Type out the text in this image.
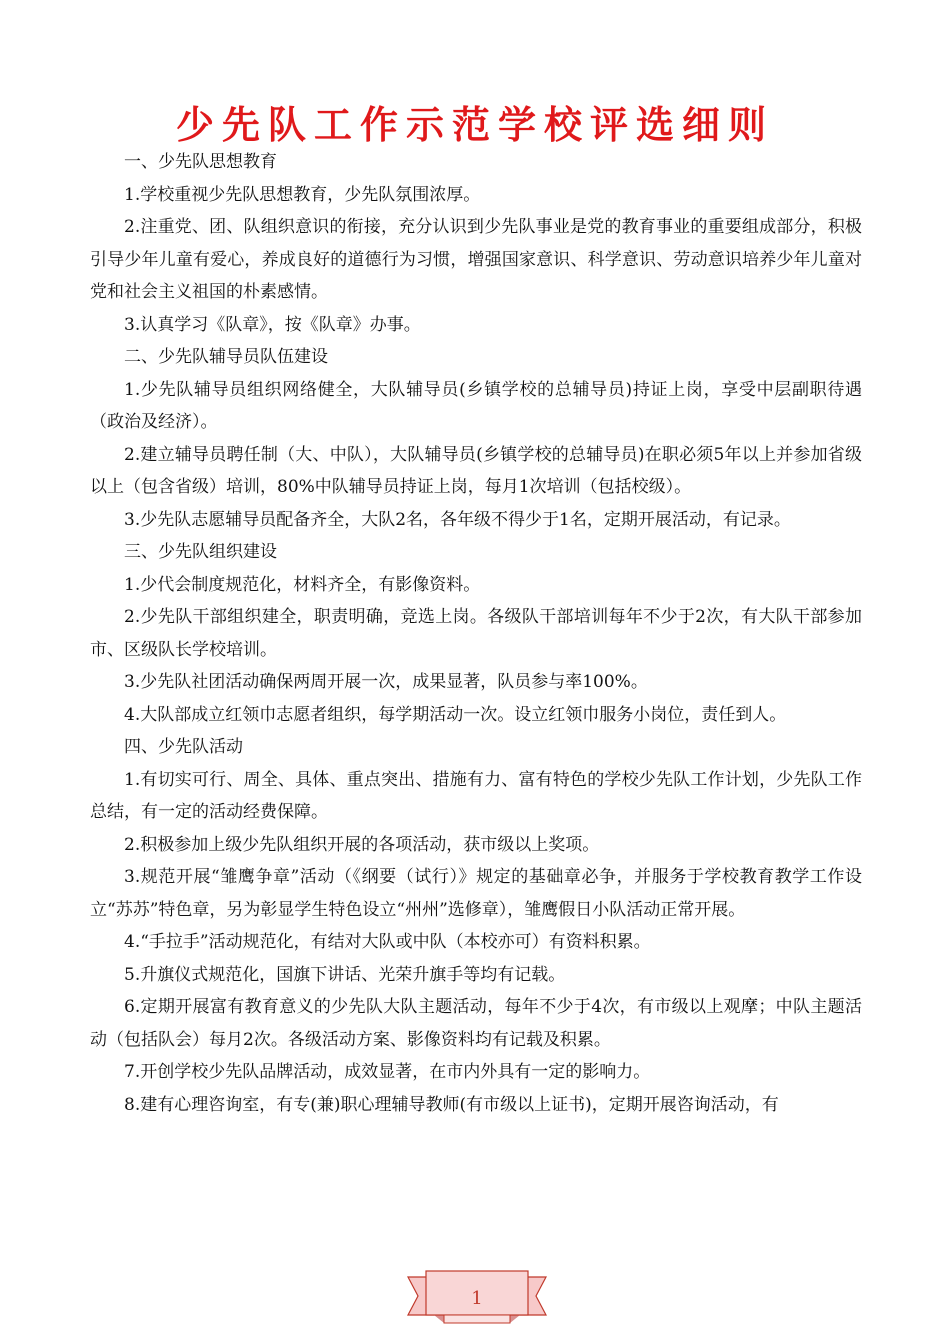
少先队工作示范学校评选细则

一、少先队思想教育

1.学校重视少先队思想教育，少先队氛围浓厚。

2.注重党、团、队组织意识的衔接，充分认识到少先队事业是党的教育事业的重要组成部分，积极引导少年儿童有爱心，养成良好的道德行为习惯，增强国家意识、科学意识、劳动意识培养少年儿童对党和社会主义祖国的朴素感情。

3.认真学习《队章》，按《队章》办事。

二、少先队辅导员队伍建设

1.少先队辅导员组织网络健全，大队辅导员(乡镇学校的总辅导员)持证上岗，享受中层副职待遇（政治及经济）。

2.建立辅导员聘任制（大、中队），大队辅导员(乡镇学校的总辅导员)在职必须5年以上并参加省级以上（包含省级）培训，80%中队辅导员持证上岗，每月1次培训（包括校级）。

3.少先队志愿辅导员配备齐全，大队2名，各年级不得少于1名，定期开展活动，有记录。

三、少先队组织建设

1.少代会制度规范化，材料齐全，有影像资料。

2.少先队干部组织建全，职责明确，竞选上岗。各级队干部培训每年不少于2次，有大队干部参加市、区级队长学校培训。

3.少先队社团活动确保两周开展一次，成果显著，队员参与率100%。

4.大队部成立红领巾志愿者组织，每学期活动一次。设立红领巾服务小岗位，责任到人。

四、少先队活动

1.有切实可行、周全、具体、重点突出、措施有力、富有特色的学校少先队工作计划，少先队工作总结，有一定的活动经费保障。

2.积极参加上级少先队组织开展的各项活动，获市级以上奖项。

3.规范开展“雏鹰争章”活动（《纲要（试行）》规定的基础章必争，并服务于学校教育教学工作设立“苏苏”特色章，另为彰显学生特色设立“州州”选修章），雏鹰假日小队活动正常开展。

4.“手拉手”活动规范化，有结对大队或中队（本校亦可）有资料积累。

5.升旗仪式规范化，国旗下讲话、光荣升旗手等均有记载。

6.定期开展富有教育意义的少先队大队主题活动，每年不少于4次，有市级以上观摩；中队主题活动（包括队会）每月2次。各级活动方案、影像资料均有记载及积累。

7.开创学校少先队品牌活动，成效显著，在市内外具有一定的影响力。

8.建有心理咨询室，有专(兼)职心理辅导教师(有市级以上证书)，定期开展咨询活动，有

1
